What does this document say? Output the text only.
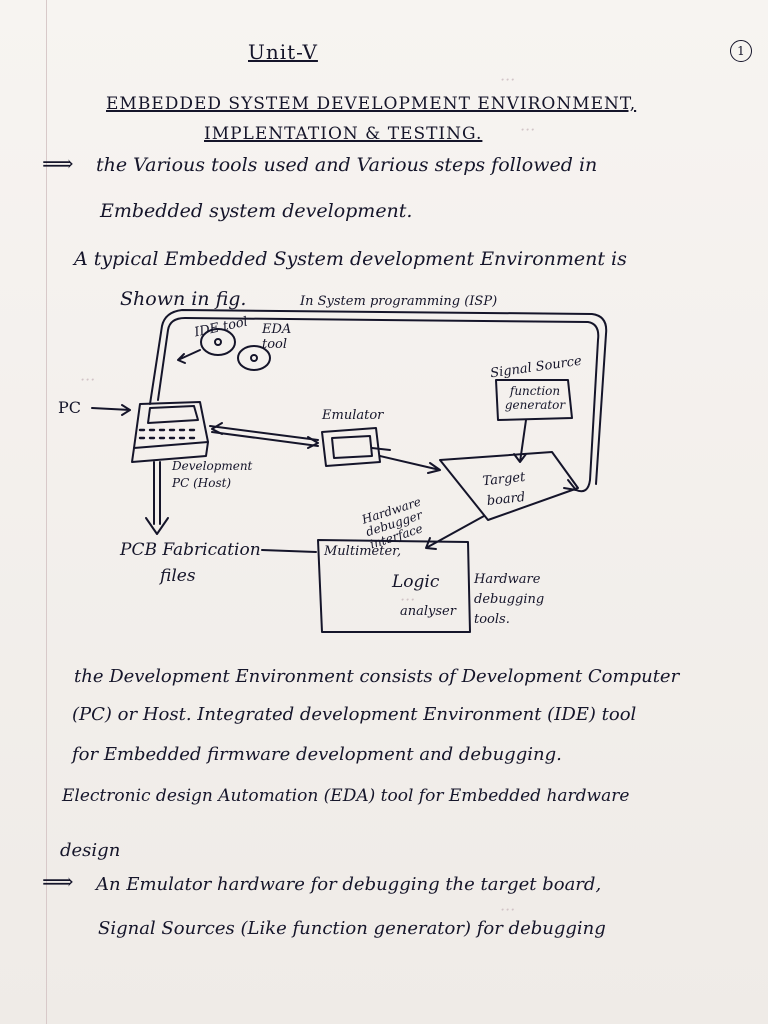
···
···
···
···
···
Unit-V	1
EMBEDDED SYSTEM DEVELOPMENT ENVIRONMENT,
IMPLENTATION & TESTING.
⟹ the Various tools used and Various steps followed in
Embedded system development.
A typical Embedded System development Environment is
Shown in fig.	In System programming (ISP)
IDE tool EDA tool
PC
Development PC (Host)
Emulator
Signal Source
function generator
Target board
Hardware debugger interface
PCB Fabrication
files
Multimeter,
Logic
analyser
Hardware debugging tools.
the Development Environment consists of Development Computer
(PC) or Host. Integrated development Environment (IDE) tool
for Embedded firmware development and debugging.
Electronic design Automation (EDA) tool for Embedded hardware
design
⟹ An Emulator hardware for debugging the target board,
Signal Sources (Like function generator) for debugging
